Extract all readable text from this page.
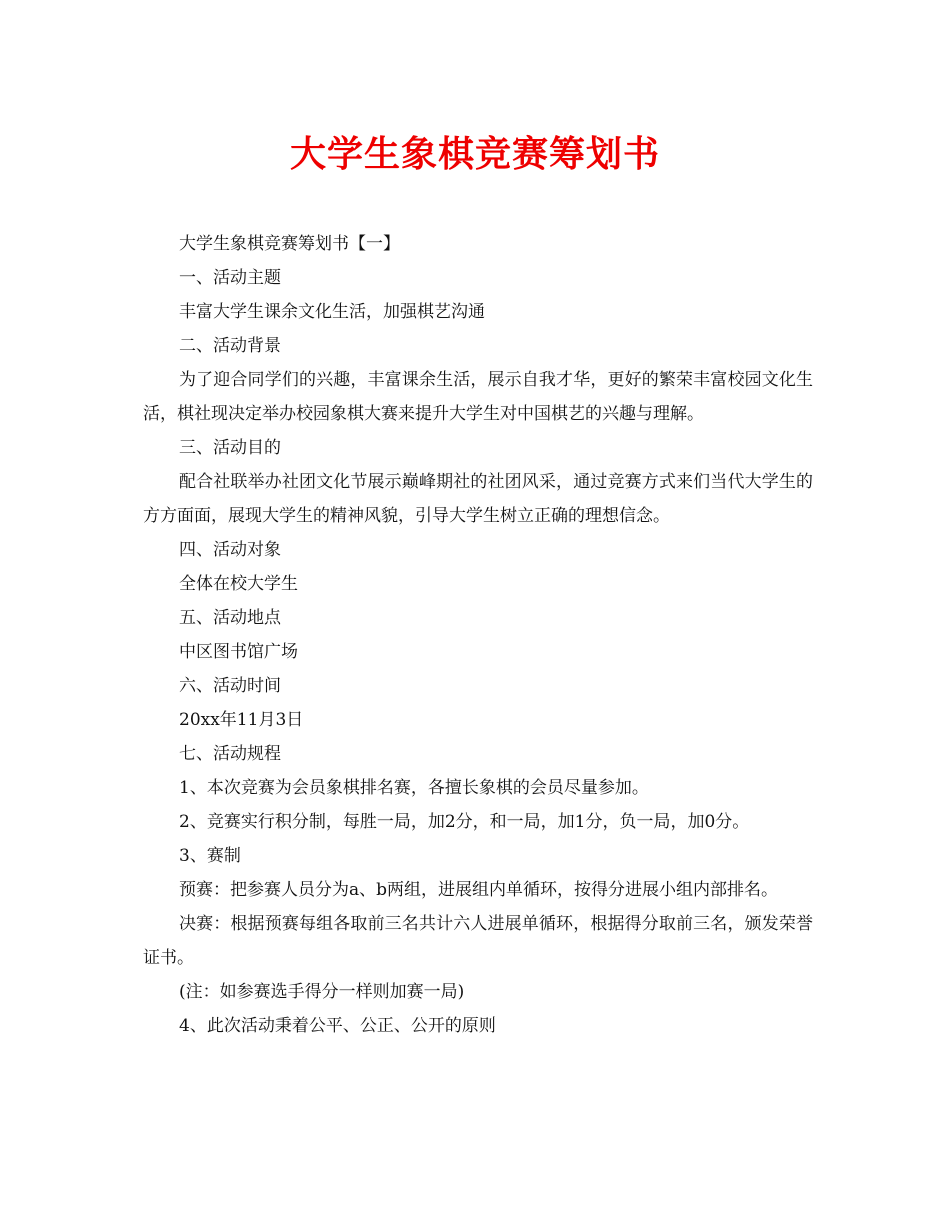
大学生象棋竞赛筹划书

大学生象棋竞赛筹划书【一】

一、活动主题

丰富大学生课余文化生活，加强棋艺沟通

二、活动背景

为了迎合同学们的兴趣，丰富课余生活，展示自我才华，更好的繁荣丰富校园文化生活，棋社现决定举办校园象棋大赛来提升大学生对中国棋艺的兴趣与理解。

三、活动目的

配合社联举办社团文化节展示巅峰期社的社团风采，通过竞赛方式来们当代大学生的方方面面，展现大学生的精神风貌，引导大学生树立正确的理想信念。

四、活动对象

全体在校大学生

五、活动地点

中区图书馆广场

六、活动时间

20xx年11月3日

七、活动规程

1、本次竞赛为会员象棋排名赛，各擅长象棋的会员尽量参加。

2、竞赛实行积分制，每胜一局，加2分，和一局，加1分，负一局，加0分。

3、赛制

预赛：把参赛人员分为a、b两组，进展组内单循环，按得分进展小组内部排名。

决赛：根据预赛每组各取前三名共计六人进展单循环，根据得分取前三名，颁发荣誉证书。

(注：如参赛选手得分一样则加赛一局)

4、此次活动秉着公平、公正、公开的原则
